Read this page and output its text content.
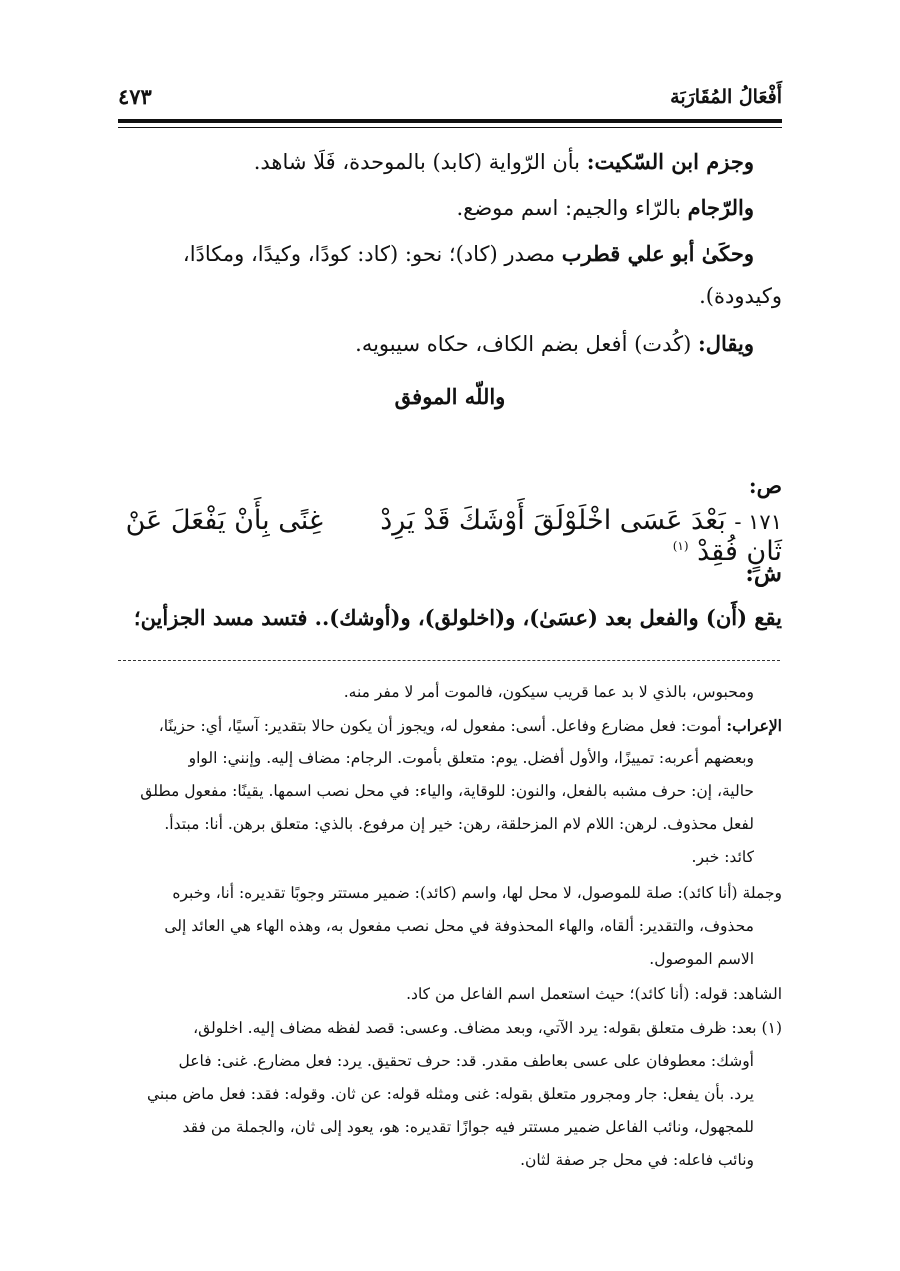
أَفْعَالُ المُقَارَبَة
٤٧٣
وجزم ابن السّكيت: بأن الرّواية (كابد) بالموحدة، فَلَا شاهد.
والرّجام بالرّاء والجيم: اسم موضع.
وحكَىٰ أبو علي قطرب مصدر (كاد)؛ نحو: (كاد: كودًا، وكيدًا، ومكادًا،
وكيدودة).
ويقال: (كُدت) أفعل بضم الكاف، حكاه سيبويه.
واللّه الموفق
ص:
١٧١ - بَعْدَ عَسَى اخْلَوْلَقَ أَوْشَكَ قَدْ يَرِدْ  غِنًى بِأَنْ يَفْعَلَ عَنْ ثَانٍ فُقِدْ $^{(١)}$
ش:
يقع (أَن) والفعل بعد (عسَىٰ)، و(اخلولق)، و(أوشك).. فتسد مسد الجزأين؛
ومحبوس، بالذي لا بد عما قريب سيكون، فالموت أمر لا مفر منه.
الإعراب: أموت: فعل مضارع وفاعل. أسى: مفعول له، ويجوز أن يكون حالا بتقدير: آسيًا، أي: حزينًا،
وبعضهم أعربه: تمييزًا، والأول أفضل. يوم: متعلق بأموت. الرجام: مضاف إليه. وإنني: الواو
حالية، إن: حرف مشبه بالفعل، والنون: للوقاية، والياء: في محل نصب اسمها. يقينًا: مفعول مطلق
لفعل محذوف. لرهن: اللام لام المزحلقة، رهن: خير إن مرفوع. بالذي: متعلق برهن. أنا: مبتدأ.
كائد: خبر.
وجملة (أنا كائد): صلة للموصول، لا محل لها، واسم (كائد): ضمير مستتر وجوبًا تقديره: أنا، وخبره
محذوف، والتقدير: ألقاه، والهاء المحذوفة في محل نصب مفعول به، وهذه الهاء هي العائد إلى
الاسم الموصول.
الشاهد: قوله: (أنا كائد)؛ حيث استعمل اسم الفاعل من كاد.
(١) بعد: ظرف متعلق بقوله: يرد الآتي، وبعد مضاف. وعسى: قصد لفظه مضاف إليه. اخلولق،
أوشك: معطوفان على عسى بعاطف مقدر. قد: حرف تحقيق. يرد: فعل مضارع. غنى: فاعل
يرد. بأن يفعل: جار ومجرور متعلق بقوله: غنى ومثله قوله: عن ثان. وقوله: فقد: فعل ماض مبني
للمجهول، ونائب الفاعل ضمير مستتر فيه جوازًا تقديره: هو، يعود إلى ثان، والجملة من فقد
ونائب فاعله: في محل جر صفة لثان.
